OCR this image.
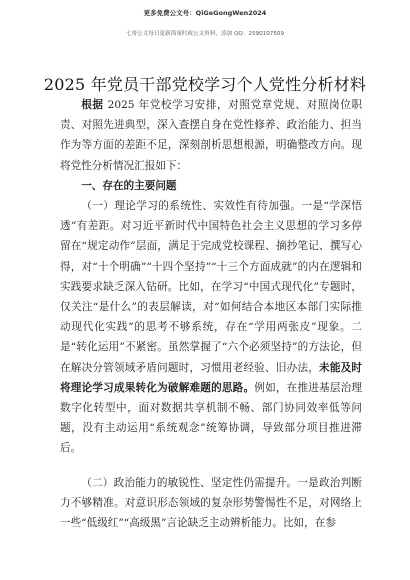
更多免费公文号：QiGeGongWen2024
七哥公文每日更新海量时政公文资料，添加 QQ：2590107509
2025 年党员干部党校学习个人党性分析材料

根据 2025 年党校学习安排，对照党章党规、对照岗位职责、对照先进典型，深入查摆自身在党性修养、政治能力、担当作为等方面的差距不足，深刻剖析思想根源，明确整改方向。现将党性分析情况汇报如下：

一、存在的主要问题

（一）理论学习的系统性、实效性有待加强。一是“学深悟透”有差距。对习近平新时代中国特色社会主义思想的学习多停留在“规定动作”层面，满足于完成党校课程、摘抄笔记、撰写心得，对“十个明确”“十四个坚持”“十三个方面成就”的内在逻辑和实践要求缺乏深入钻研。比如，在学习“中国式现代化”专题时，仅关注“是什么”的表层解读，对“如何结合本地区本部门实际推动现代化实践”的思考不够系统，存在“学用两张皮”现象。二是“转化运用”不紧密。虽然掌握了“六个必须坚持”的方法论，但在解决分管领域矛盾问题时，习惯用老经验、旧办法，未能及时将理论学习成果转化为破解难题的思路。例如，在推进基层治理数字化转型中，面对数据共享机制不畅、部门协同效率低等问题，没有主动运用“系统观念”统筹协调，导致部分项目推进滞后。

（二）政治能力的敏锐性、坚定性仍需提升。一是政治判断力不够精准。对意识形态领域的复杂形势警惕性不足，对网络上一些“低级红”“高级黑”言论缺乏主动辨析能力。比如，在参
